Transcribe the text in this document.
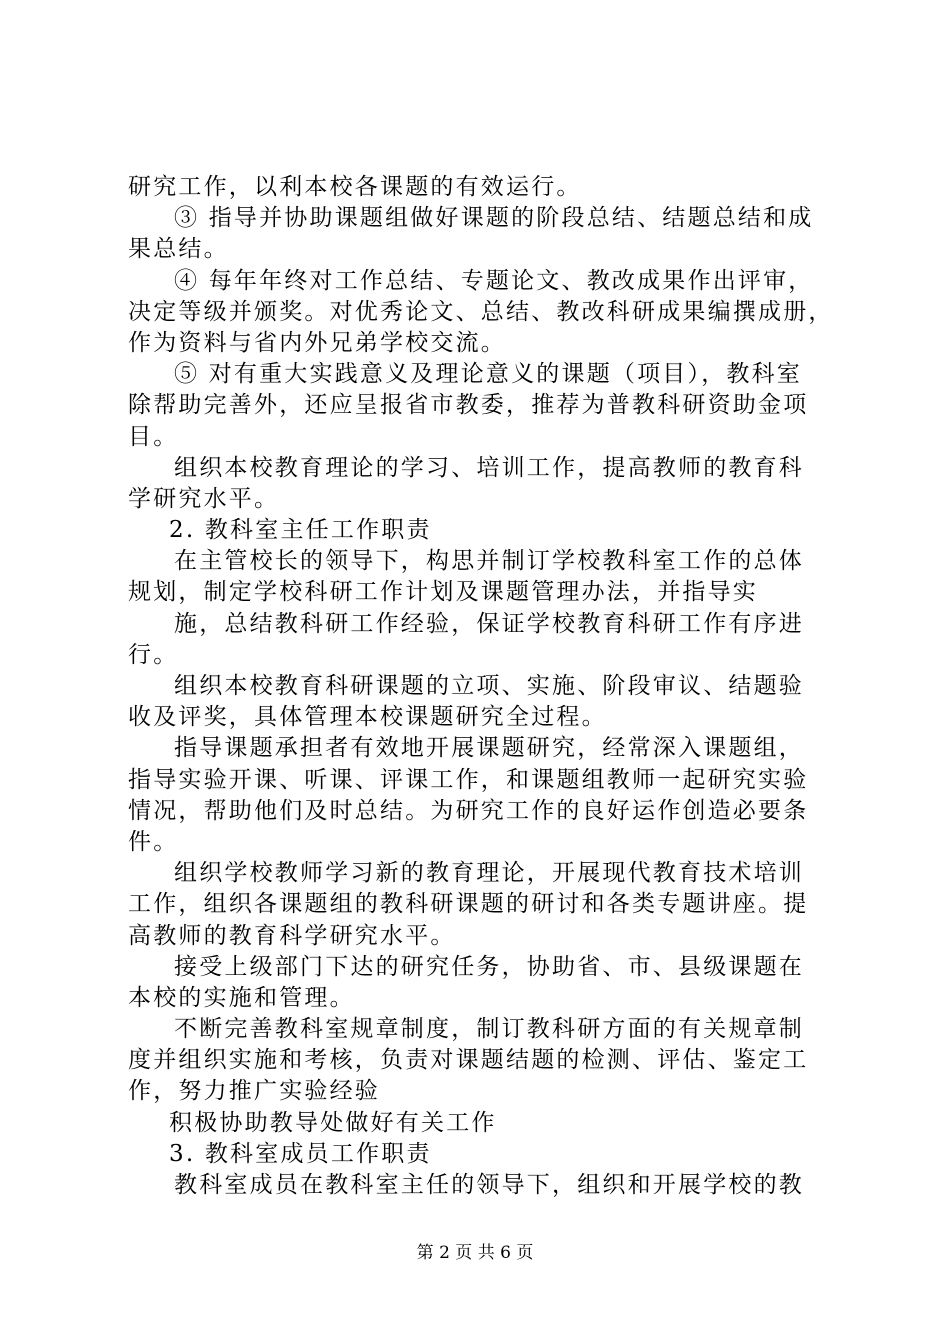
研究工作，以利本校各课题的有效运行。
③ 指导并协助课题组做好课题的阶段总结、结题总结和成
果总结。
④ 每年年终对工作总结、专题论文、教改成果作出评审，
决定等级并颁奖。对优秀论文、总结、教改科研成果编撰成册，
作为资料与省内外兄弟学校交流。
⑤ 对有重大实践意义及理论意义的课题（项目），教科室
除帮助完善外，还应呈报省市教委，推荐为普教科研资助金项
目。
组织本校教育理论的学习、培训工作，提高教师的教育科
学研究水平。
2. 教科室主任工作职责
在主管校长的领导下，构思并制订学校教科室工作的总体
规划，制定学校科研工作计划及课题管理办法，并指导实
施，总结教科研工作经验，保证学校教育科研工作有序进
行。
组织本校教育科研课题的立项、实施、阶段审议、结题验
收及评奖，具体管理本校课题研究全过程。
指导课题承担者有效地开展课题研究，经常深入课题组，
指导实验开课、听课、评课工作，和课题组教师一起研究实验
情况，帮助他们及时总结。为研究工作的良好运作创造必要条
件。
组织学校教师学习新的教育理论，开展现代教育技术培训
工作，组织各课题组的教科研课题的研讨和各类专题讲座。提
高教师的教育科学研究水平。
接受上级部门下达的研究任务，协助省、市、县级课题在
本校的实施和管理。
不断完善教科室规章制度，制订教科研方面的有关规章制
度并组织实施和考核，负责对课题结题的检测、评估、鉴定工
作，努力推广实验经验
积极协助教导处做好有关工作
3. 教科室成员工作职责
教科室成员在教科室主任的领导下，组织和开展学校的教
第 2 页 共 6 页
